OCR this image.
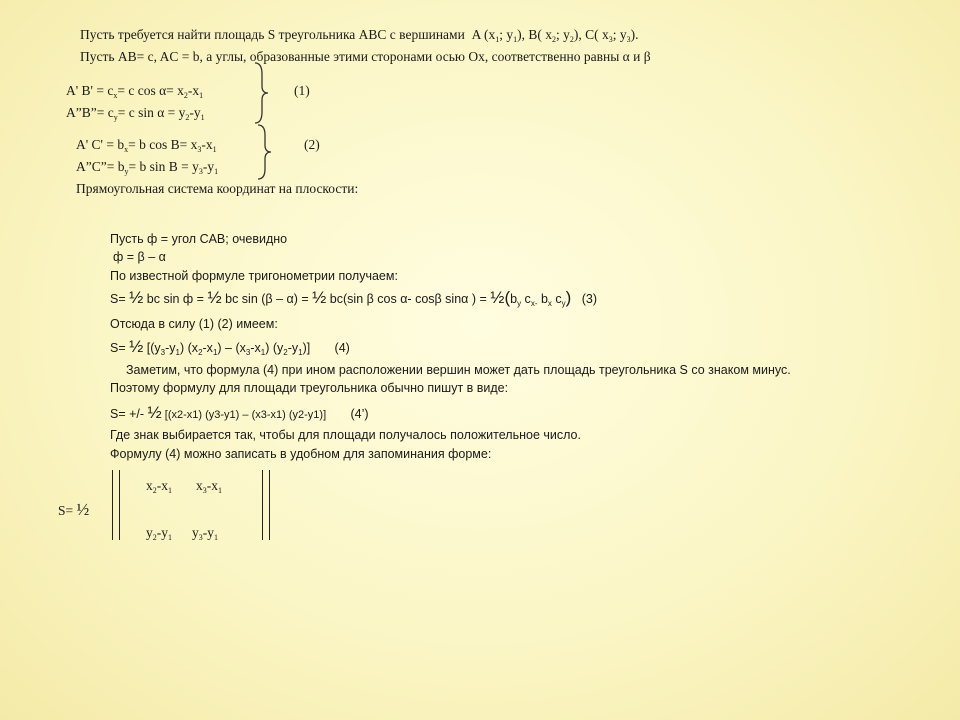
Пусть требуется найти площадь S треугольника ABC с вершинами A ($x_1$; $y_1$), B( $x_2$; $y_2$), C( $x_3$; $y_3$).
Пусть AB= c, AC = b, а углы, образованные этими сторонами осью Ox, соответственно равны α и β
A' $B' = c_x= c$ $\cos \alpha= x_2-x_1$
A”B”= $c_y= c$ $\sin \alpha = y_2-y_1$
(1)
A' $C' = b_x= b$ $\cos B= x_3-x_1$
A”C”= $b_y= b$ $\sin B = y_3-y_1$
(2)
Прямоугольная система координат на плоскости:
Пусть ф = угол CAB; очевидно
ф = β – α
По известной формуле тригонометрии получаем:
S= ½ bc sin ф = ½ bc sin (β – α) = ½ bc(sin β cos α- cosβ sinα ) = $\frac{1}{2}(b_y$ $c_{x-}$ $b_x$ $c_y$) (3)
Отсюда в силу (1) (2) имеем:
S= ½ [$(y_3-y_1)$ $(x_2-x_1) - (x_3-x_1)$ $(y_2-y_1)$] (4)
Заметим, что формула (4) при ином расположении вершин может дать площадь треугольника S со знаком минус.
Поэтому формулу для площади треугольника обычно пишут в виде:
S= +/- ½ [(x2-x1) (y3-y1) – (x3-x1) (y2-y1)] (4’)
Где знак выбирается так, чтобы для площади получалось положительное число.
Формулу (4) можно записать в удобном для запоминания форме:
S= ½
$x_2-x_1$ $x_3-x_1$
$y_2-y_1$ $y_3-y_1$
